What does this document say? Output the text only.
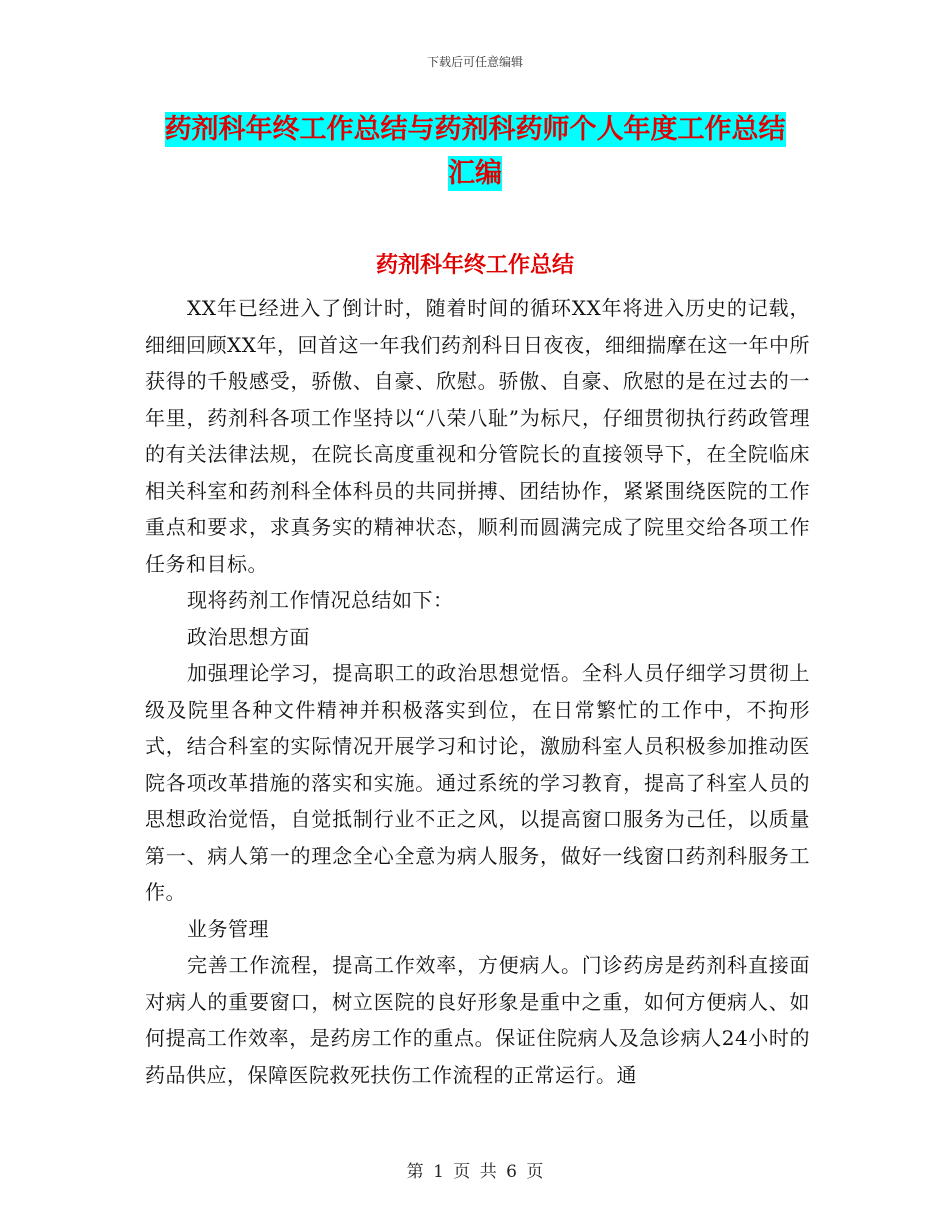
下载后可任意编辑
药剂科年终工作总结与药剂科药师个人年度工作总结
汇编
药剂科年终工作总结

XX年已经进入了倒计时，随着时间的循环XX年将进入历史的记载，细细回顾XX年，回首这一年我们药剂科日日夜夜，细细揣摩在这一年中所获得的千般感受，骄傲、自豪、欣慰。骄傲、自豪、欣慰的是在过去的一年里，药剂科各项工作坚持以“八荣八耻”为标尺，仔细贯彻执行药政管理的有关法律法规，在院长高度重视和分管院长的直接领导下，在全院临床相关科室和药剂科全体科员的共同拼搏、团结协作，紧紧围绕医院的工作重点和要求，求真务实的精神状态，顺利而圆满完成了院里交给各项工作任务和目标。

现将药剂工作情况总结如下：

政治思想方面

加强理论学习，提高职工的政治思想觉悟。全科人员仔细学习贯彻上级及院里各种文件精神并积极落实到位，在日常繁忙的工作中，不拘形式，结合科室的实际情况开展学习和讨论，激励科室人员积极参加推动医院各项改革措施的落实和实施。通过系统的学习教育，提高了科室人员的思想政治觉悟，自觉抵制行业不正之风，以提高窗口服务为己任，以质量第一、病人第一的理念全心全意为病人服务，做好一线窗口药剂科服务工作。

业务管理

完善工作流程，提高工作效率，方便病人。门诊药房是药剂科直接面对病人的重要窗口，树立医院的良好形象是重中之重，如何方便病人、如何提高工作效率，是药房工作的重点。保证住院病人及急诊病人24小时的药品供应，保障医院救死扶伤工作流程的正常运行。通

第 1 页 共 6 页
